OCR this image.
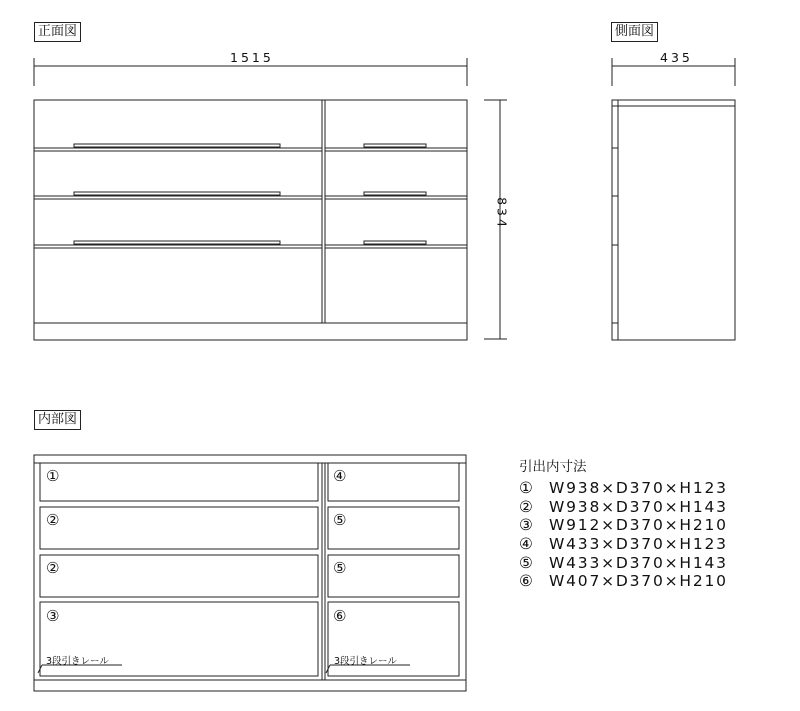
正面図	側面図
内部図
1515	435
834
①
②
②
③
④
⑤
⑤
⑥
3段引きレール	3段引きレール
引出内寸法
①	W938×D370×H123
②	W938×D370×H143
③	W912×D370×H210
④	W433×D370×H123
⑤	W433×D370×H143
⑥	W407×D370×H210
